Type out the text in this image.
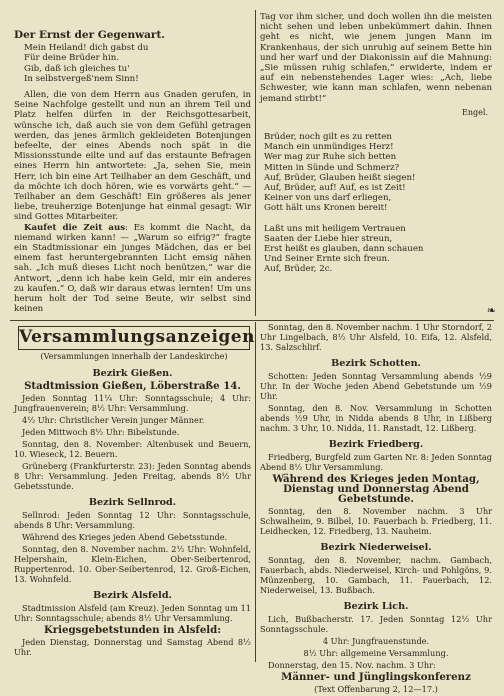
Der Ernst der Gegenwart.
Mein Heiland! dich gabst du
Für deine Brüder hin.
Gib, daß ich gleiches tu'
In selbstvergeß'nem Sinn!
Allen, die von dem Herrn aus Gnaden gerufen, in Seine Nachfolge gestellt und nun an ihrem Teil und Platz helfen dürfen in der Reichsgottesarbeit, wünsche ich, daß auch sie von dem Gefühl getragen werden, das jenes ärmlich gekleideten Botenjungen befeelte, der eines Abends noch spät in die Missionsstunde eilte und auf das erstaunte Befragen eines Herrn hin antwortete: „Ja, sehen Sie, mein Herr, ich bin eine Art Teilhaber an dem Geschäft, und da möchte ich doch hören, wie es vorwärts geht.“ — Teilhaber an dem Geschäft! Ein größeres als jener liebe, treuherzige Botenjunge hat einmal gesagt: Wir sind Gottes Mitarbeiter.
Kaufet die Zeit aus: Es kommt die Nacht, da niemand wirken kann! — „Warum so eifrig?“ fragte ein Stadtmissionar ein junges Mädchen, das er bei einem fast heruntergebrannten Licht emsig nähen sah. „Ich muß dieses Licht noch benützen,“ war die Antwort, „denn ich habe kein Geld, mir ein anderes zu kaufen.“ O, daß wir daraus etwas lernten! Um uns herum holt der Tod seine Beute, wir selbst sind keinen
Tag vor ihm sicher, und doch wollen ihn die meisten nicht sehen und leben unbekümmert dahin. Ihnen geht es nicht, wie jenem jungen Mann im Krankenhaus, der sich unruhig auf seinem Bette hin und her warf und der Diakonissin auf die Mahnung: „Sie müssen ruhig schlafen,“ erwiderte, indem er auf ein nebenstehendes Lager wies: „Ach, liebe Schwester, wie kann man schlafen, wenn nebenan jemand stirbt!“
Engel.
Brüder, noch gilt es zu retten
Manch ein unmündiges Herz!
Wer mag zur Ruhe sich betten
Mitten in Sünde und Schmerz?
Auf, Brüder, Glauben heißt siegen!
Auf, Brüder, auf! Auf, es ist Zeit!
Keiner von uns darf erliegen,
Gott hält uns Kronen bereit!
Laßt uns mit heiligem Vertrauen
Saaten der Liebe hier streun,
Erst heißt es glauben, dann schauen
Und Seiner Ernte sich freun.
Auf, Brüder, 2c.
❧
Versammlungsanzeigen
(Versammlungen innerhalb der Landeskirche)
Bezirk Gießen.
Stadtmission Gießen, Löberstraße 14.
Jeden Sonntag 11¼ Uhr: Sonntagsschule; 4 Uhr: Jungfrauenverein; 8½ Uhr: Versammlung.
4½ Uhr: Christlicher Verein junger Männer.
Jeden Mittwoch 8½ Uhr: Bibelstunde.
Sonntag, den 8. November: Altenbusek und Beuern, 10. Wieseck, 12. Beuern.
Grüneberg (Frankfurterstr. 23): Jeden Sonntag abends 8 Uhr: Versammlung. Jeden Freitag, abends 8½ Uhr Gebetsstunde.
Bezirk Sellnrod.
Sellnrod: Jeden Sonntag 12 Uhr: Sonntagsschule, abends 8 Uhr: Versammlung.
Während des Krieges jeden Abend Gebetsstunde.
Sonntag, den 8. November nachm. 2½ Uhr: Wohnfeld, Helpershain, Klein-Eichen, Ober-Seibertenrod, Ruppertenrod. 10. Ober-Seibertenrod, 12. Groß-Eichen, 13. Wohnfeld.
Bezirk Alsfeld.
Stadtmission Alsfeld (am Kreuz). Jeden Sonntag um 11 Uhr: Sonntagsschule; abends 8½ Uhr Versammlung.
Kriegsgebetstunden in Alsfeld:
Jeden Dienstag, Donnerstag und Samstag Abend 8½ Uhr.
Sonntag, den 8. November nachm. 1 Uhr Storndorf, 2 Uhr Lingelbach, 8½ Uhr Alsfeld, 10. Eifa, 12. Alsfeld, 13. Salzschlirf.
Bezirk Schotten.
Schotten: Jeden Sonntag Versammlung abends ½9 Uhr. In der Woche jeden Abend Gebetstunde um ½9 Uhr.
Sonntag, den 8. Nov. Versammlung in Schotten abends ½9 Uhr, in Nidda abends 8 Uhr, in Lißberg nachm. 3 Uhr, 10. Nidda, 11. Ranstadt, 12. Lißberg.
Bezirk Friedberg.
Friedberg, Burgfeld zum Garten Nr. 8: Jeden Sonntag Abend 8½ Uhr Versammlung.
Während des Krieges jeden Montag, Dienstag und Donnerstag Abend Gebetstunde.
Sonntag, den 8. November nachm. 3 Uhr Schwalheim, 9. Bilbel, 10. Fauerbach b. Friedberg, 11. Leidhecken, 12. Friedberg, 13. Nauheim.
Bezirk Niederweisel.
Sonntag, den 8. November, nachm. Gambach, Fauerbach, abds. Niederweisel, Kirch- und Pohlgöns, 9. Münzenberg, 10. Gambach, 11. Fauerbach, 12. Niederweisel, 13. Bußbach.
Bezirk Lich.
Lich, Bußbacherstr. 17. Jeden Sonntag 12½ Uhr Sonntagsschule.
4 Uhr: Jungfrauenstunde.
8½ Uhr: allgemeine Versammlung.
Donnerstag, den 15. Nov. nachm. 3 Uhr:
Männer- und Jünglingskonferenz
(Text Offenbarung 2, 12—17.)
